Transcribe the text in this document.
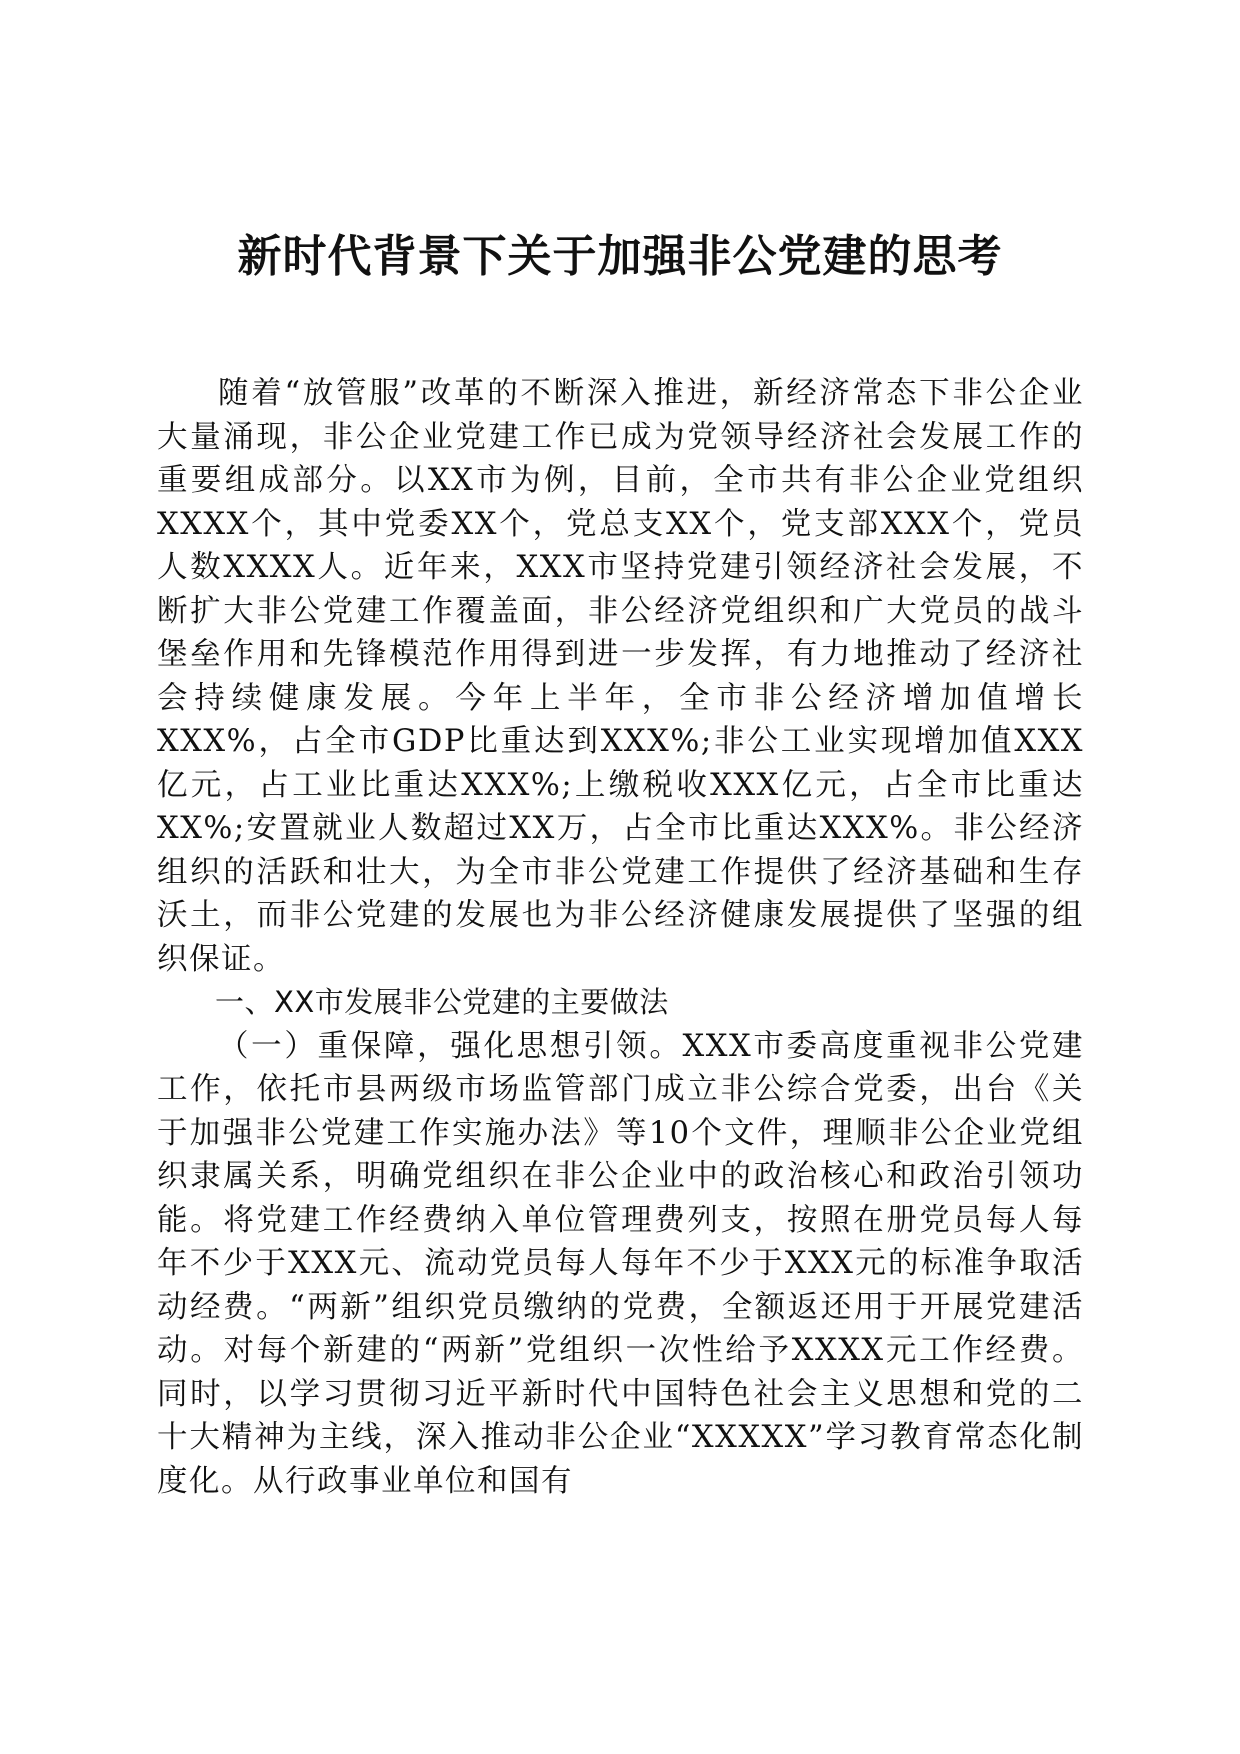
新时代背景下关于加强非公党建的思考

随着“放管服”改革的不断深入推进，新经济常态下非公企业大量涌现，非公企业党建工作已成为党领导经济社会发展工作的重要组成部分。以XX市为例，目前，全市共有非公企业党组织XXXX个，其中党委XX个，党总支XX个，党支部XXX个，党员人数XXXX人。近年来，XXX市坚持党建引领经济社会发展，不断扩大非公党建工作覆盖面，非公经济党组织和广大党员的战斗堡垒作用和先锋模范作用得到进一步发挥，有力地推动了经济社会持续健康发展。今年上半年，全市非公经济增加值增长XXX%，占全市GDP比重达到XXX%;非公工业实现增加值XXX亿元，占工业比重达XXX%;上缴税收XXX亿元，占全市比重达XX%;安置就业人数超过XX万，占全市比重达XXX%。非公经济组织的活跃和壮大，为全市非公党建工作提供了经济基础和生存沃土，而非公党建的发展也为非公经济健康发展提供了坚强的组织保证。

一、XX市发展非公党建的主要做法

（一）重保障，强化思想引领。XXX市委高度重视非公党建工作，依托市县两级市场监管部门成立非公综合党委，出台《关于加强非公党建工作实施办法》等10个文件，理顺非公企业党组织隶属关系，明确党组织在非公企业中的政治核心和政治引领功能。将党建工作经费纳入单位管理费列支，按照在册党员每人每年不少于XXX元、流动党员每人每年不少于XXX元的标准争取活动经费。“两新”组织党员缴纳的党费，全额返还用于开展党建活动。对每个新建的“两新”党组织一次性给予XXXX元工作经费。同时，以学习贯彻习近平新时代中国特色社会主义思想和党的二十大精神为主线，深入推动非公企业“XXXXX”学习教育常态化制度化。从行政事业单位和国有
